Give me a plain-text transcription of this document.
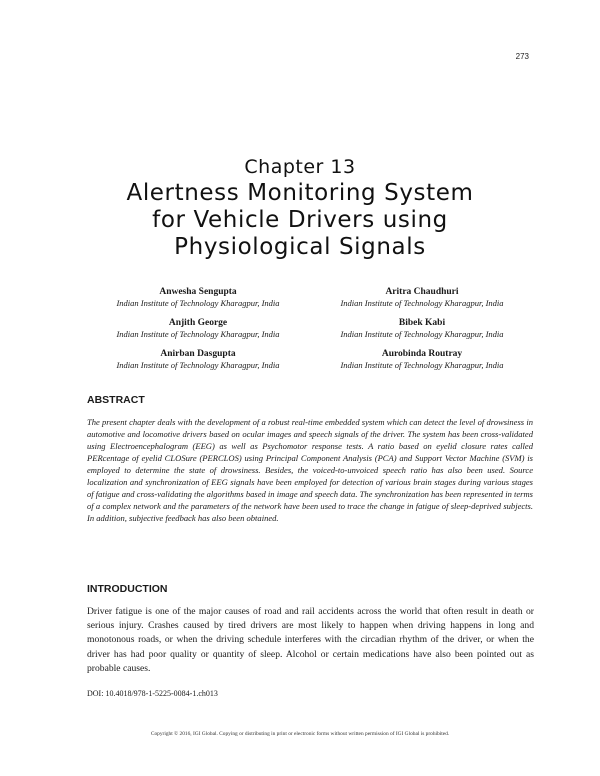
273
Chapter 13
Alertness Monitoring System
for Vehicle Drivers using
Physiological Signals
Anwesha Sengupta
Indian Institute of Technology Kharagpur, India
Aritra Chaudhuri
Indian Institute of Technology Kharagpur, India
Anjith George
Indian Institute of Technology Kharagpur, India
Bibek Kabi
Indian Institute of Technology Kharagpur, India
Anirban Dasgupta
Indian Institute of Technology Kharagpur, India
Aurobinda Routray
Indian Institute of Technology Kharagpur, India
ABSTRACT

The present chapter deals with the development of a robust real-time embedded system which can detect the level of drowsiness in automotive and locomotive drivers based on ocular images and speech signals of the driver. The system has been cross-validated using Electroencephalogram (EEG) as well as Psychomotor response tests. A ratio based on eyelid closure rates called PERcentage of eyelid CLOSure (PERCLOS) using Principal Component Analysis (PCA) and Support Vector Machine (SVM) is employed to determine the state of drowsiness. Besides, the voiced-to-unvoiced speech ratio has also been used. Source localization and synchronization of EEG signals have been employed for detection of various brain stages during various stages of fatigue and cross-validating the algorithms based in image and speech data. The synchronization has been represented in terms of a complex network and the parameters of the network have been used to trace the change in fatigue of sleep-deprived subjects. In addition, subjective feedback has also been obtained.

INTRODUCTION

Driver fatigue is one of the major causes of road and rail accidents across the world that often result in death or serious injury. Crashes caused by tired drivers are most likely to happen when driving happens in long and monotonous roads, or when the driving schedule interferes with the circadian rhythm of the driver, or when the driver has had poor quality or quantity of sleep. Alcohol or certain medications have also been pointed out as probable causes.

DOI: 10.4018/978-1-5225-0084-1.ch013
Copyright © 2016, IGI Global. Copying or distributing in print or electronic forms without written permission of IGI Global is prohibited.
